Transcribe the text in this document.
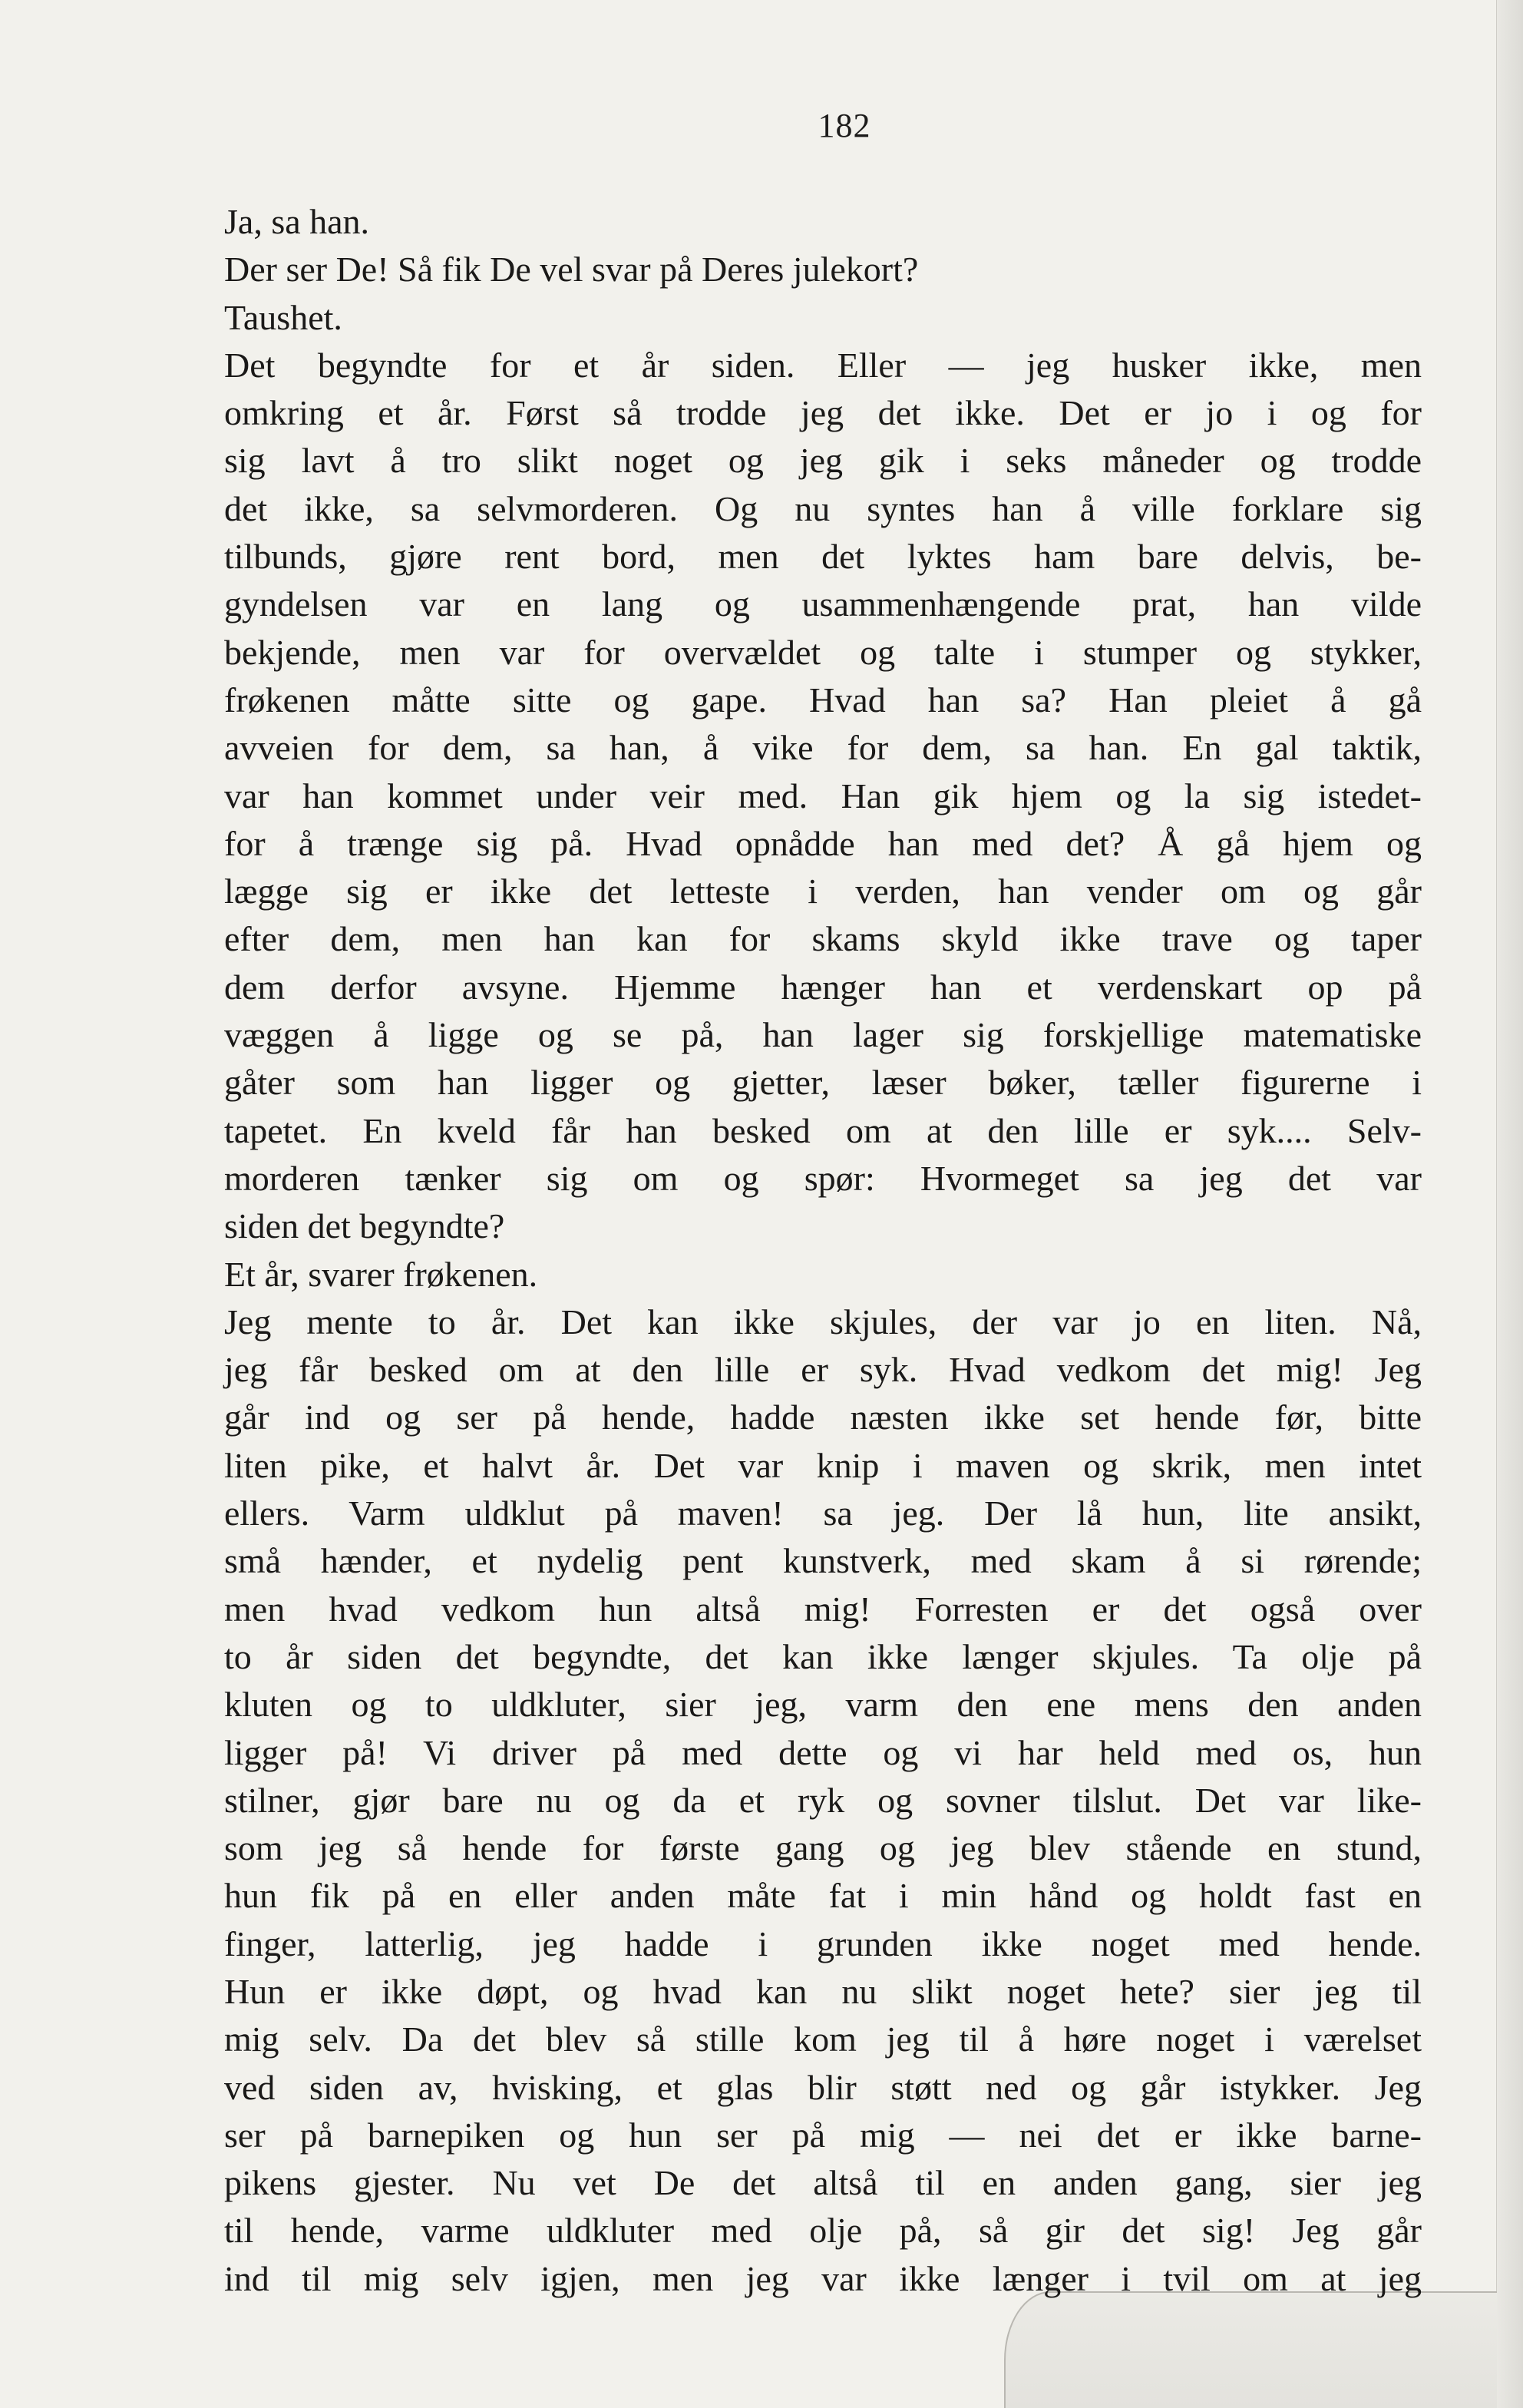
182
Ja, sa han.
Der ser De! Så fik De vel svar på Deres julekort?
Taushet.
Det begyndte for et år siden. Eller — jeg husker ikke, men
omkring et år. Først så trodde jeg det ikke. Det er jo i og for
sig lavt å tro slikt noget og jeg gik i seks måneder og trodde
det ikke, sa selvmorderen. Og nu syntes han å ville forklare sig
tilbunds, gjøre rent bord, men det lyktes ham bare delvis, be-
gyndelsen var en lang og usammenhængende prat, han vilde
bekjende, men var for overvældet og talte i stumper og stykker,
frøkenen måtte sitte og gape. Hvad han sa? Han pleiet å gå
avveien for dem, sa han, å vike for dem, sa han. En gal taktik,
var han kommet under veir med. Han gik hjem og la sig istedet-
for å trænge sig på. Hvad opnådde han med det? Å gå hjem og
lægge sig er ikke det letteste i verden, han vender om og går
efter dem, men han kan for skams skyld ikke trave og taper
dem derfor avsyne. Hjemme hænger han et verdenskart op på
væggen å ligge og se på, han lager sig forskjellige matematiske
gåter som han ligger og gjetter, læser bøker, tæller figurerne i
tapetet. En kveld får han besked om at den lille er syk.... Selv-
morderen tænker sig om og spør: Hvormeget sa jeg det var
siden det begyndte?
Et år, svarer frøkenen.
Jeg mente to år. Det kan ikke skjules, der var jo en liten. Nå,
jeg får besked om at den lille er syk. Hvad vedkom det mig! Jeg
går ind og ser på hende, hadde næsten ikke set hende før, bitte
liten pike, et halvt år. Det var knip i maven og skrik, men intet
ellers. Varm uldklut på maven! sa jeg. Der lå hun, lite ansikt,
små hænder, et nydelig pent kunstverk, med skam å si rørende;
men hvad vedkom hun altså mig! Forresten er det også over
to år siden det begyndte, det kan ikke længer skjules. Ta olje på
kluten og to uldkluter, sier jeg, varm den ene mens den anden
ligger på! Vi driver på med dette og vi har held med os, hun
stilner, gjør bare nu og da et ryk og sovner tilslut. Det var like-
som jeg så hende for første gang og jeg blev stående en stund,
hun fik på en eller anden måte fat i min hånd og holdt fast en
finger, latterlig, jeg hadde i grunden ikke noget med hende.
Hun er ikke døpt, og hvad kan nu slikt noget hete? sier jeg til
mig selv. Da det blev så stille kom jeg til å høre noget i værelset
ved siden av, hvisking, et glas blir støtt ned og går istykker. Jeg
ser på barnepiken og hun ser på mig — nei det er ikke barne-
pikens gjester. Nu vet De det altså til en anden gang, sier jeg
til hende, varme uldkluter med olje på, så gir det sig! Jeg går
ind til mig selv igjen, men jeg var ikke længer i tvil om at jeg
